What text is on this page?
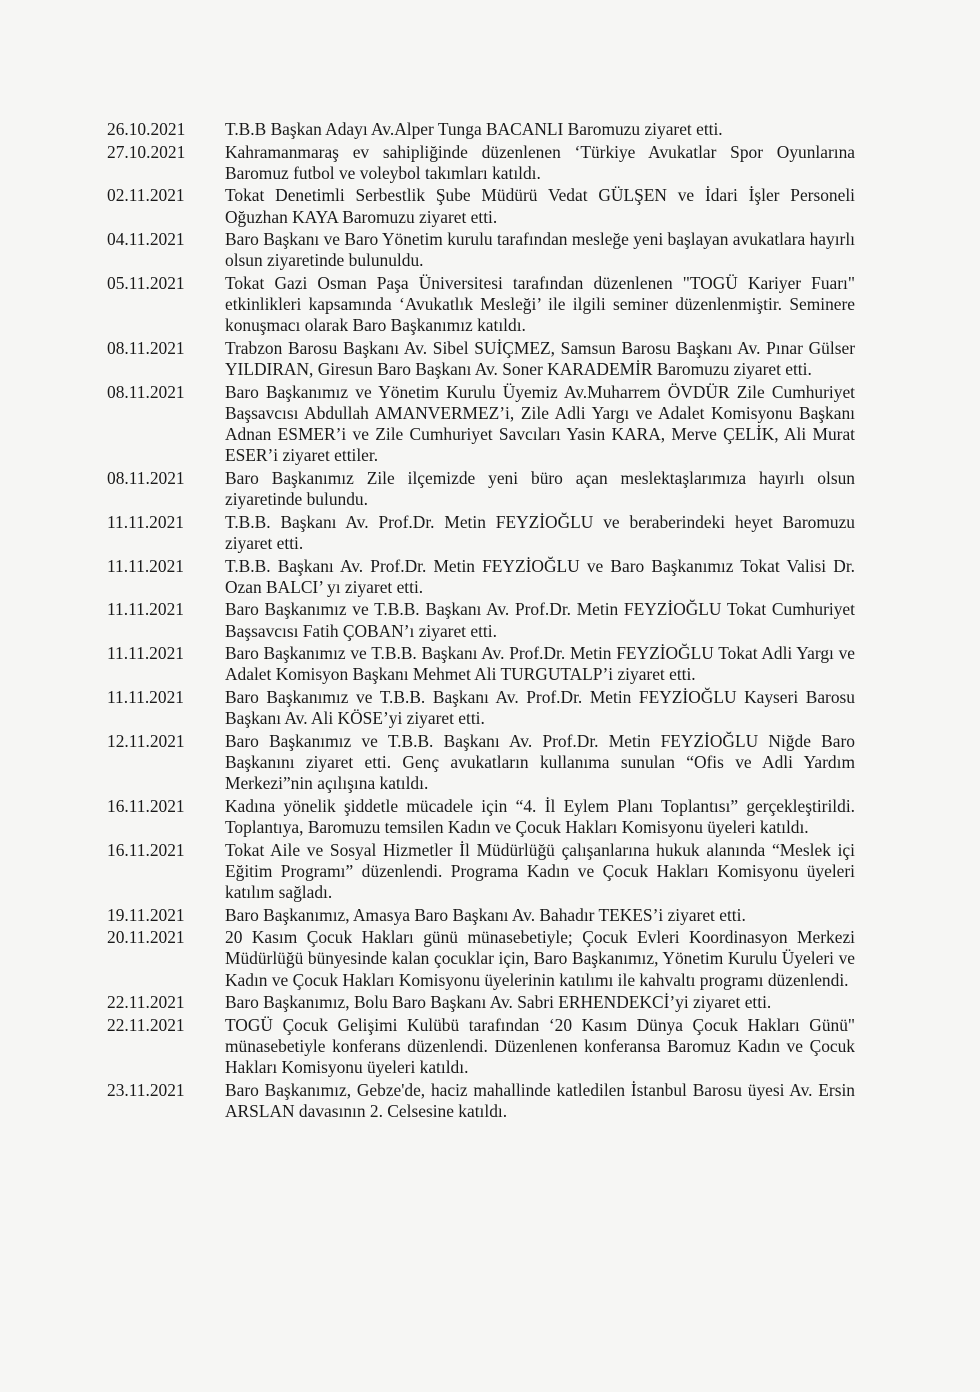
26.10.2021	T.B.B Başkan Adayı Av.Alper Tunga BACANLI Baromuzu ziyaret etti.
27.10.2021	Kahramanmaraş ev sahipliğinde düzenlenen ‘Türkiye Avukatlar Spor Oyunlarına Baromuz futbol ve voleybol takımları katıldı.
02.11.2021	Tokat Denetimli Serbestlik Şube Müdürü Vedat GÜLŞEN ve İdari İşler Personeli Oğuzhan KAYA Baromuzu ziyaret etti.
04.11.2021	Baro Başkanı ve Baro Yönetim kurulu tarafından mesleğe yeni başlayan avukatlara hayırlı olsun ziyaretinde bulunuldu.
05.11.2021	Tokat Gazi Osman Paşa Üniversitesi tarafından düzenlenen "TOGÜ Kariyer Fuarı" etkinlikleri kapsamında ‘Avukatlık Mesleği’ ile ilgili seminer düzenlenmiştir. Seminere konuşmacı olarak Baro Başkanımız katıldı.
08.11.2021	Trabzon Barosu Başkanı Av. Sibel SUİÇMEZ, Samsun Barosu Başkanı Av. Pınar Gülser YILDIRAN, Giresun Baro Başkanı Av. Soner KARADEMİR Baromuzu ziyaret etti.
08.11.2021	Baro Başkanımız ve Yönetim Kurulu Üyemiz Av.Muharrem ÖVDÜR Zile Cumhuriyet Başsavcısı Abdullah AMANVERMEZ’i, Zile Adli Yargı ve Adalet Komisyonu Başkanı Adnan ESMER’i ve Zile Cumhuriyet Savcıları Yasin KARA, Merve ÇELİK, Ali Murat ESER’i ziyaret ettiler.
08.11.2021	Baro Başkanımız Zile ilçemizde yeni büro açan meslektaşlarımıza hayırlı olsun ziyaretinde bulundu.
11.11.2021	T.B.B. Başkanı Av. Prof.Dr. Metin FEYZİOĞLU ve beraberindeki heyet Baromuzu ziyaret etti.
11.11.2021	T.B.B. Başkanı Av. Prof.Dr. Metin FEYZİOĞLU ve Baro Başkanımız Tokat Valisi Dr. Ozan BALCI’ yı ziyaret etti.
11.11.2021	Baro Başkanımız ve T.B.B. Başkanı Av. Prof.Dr. Metin FEYZİOĞLU Tokat Cumhuriyet Başsavcısı Fatih ÇOBAN’ı ziyaret etti.
11.11.2021	Baro Başkanımız ve T.B.B. Başkanı Av. Prof.Dr. Metin FEYZİOĞLU Tokat Adli Yargı ve Adalet Komisyon Başkanı Mehmet Ali TURGUTALP’i ziyaret etti.
11.11.2021	Baro Başkanımız ve T.B.B. Başkanı Av. Prof.Dr. Metin FEYZİOĞLU Kayseri Barosu Başkanı Av. Ali KÖSE’yi ziyaret etti.
12.11.2021	Baro Başkanımız ve T.B.B. Başkanı Av. Prof.Dr. Metin FEYZİOĞLU Niğde Baro Başkanını ziyaret etti. Genç avukatların kullanıma sunulan “Ofis ve Adli Yardım Merkezi”nin açılışına katıldı.
16.11.2021	Kadına yönelik şiddetle mücadele için “4. İl Eylem Planı Toplantısı” gerçekleştirildi. Toplantıya, Baromuzu temsilen Kadın ve Çocuk Hakları Komisyonu üyeleri katıldı.
16.11.2021	Tokat Aile ve Sosyal Hizmetler İl Müdürlüğü çalışanlarına hukuk alanında “Meslek içi Eğitim Programı” düzenlendi. Programa Kadın ve Çocuk Hakları Komisyonu üyeleri katılım sağladı.
19.11.2021	Baro Başkanımız, Amasya Baro Başkanı Av. Bahadır TEKES’i ziyaret etti.
20.11.2021	20 Kasım Çocuk Hakları günü münasebetiyle; Çocuk Evleri Koordinasyon Merkezi Müdürlüğü bünyesinde kalan çocuklar için, Baro Başkanımız, Yönetim Kurulu Üyeleri ve Kadın ve Çocuk Hakları Komisyonu üyelerinin katılımı ile kahvaltı programı düzenlendi.
22.11.2021	Baro Başkanımız, Bolu Baro Başkanı Av. Sabri ERHENDEKCİ’yi ziyaret etti.
22.11.2021	TOGÜ Çocuk Gelişimi Kulübü tarafından ‘20 Kasım Dünya Çocuk Hakları Günü" münasebetiyle konferans düzenlendi. Düzenlenen konferansa Baromuz Kadın ve Çocuk Hakları Komisyonu üyeleri katıldı.
23.11.2021	Baro Başkanımız, Gebze'de, haciz mahallinde katledilen İstanbul Barosu üyesi Av. Ersin ARSLAN davasının 2. Celsesine katıldı.
